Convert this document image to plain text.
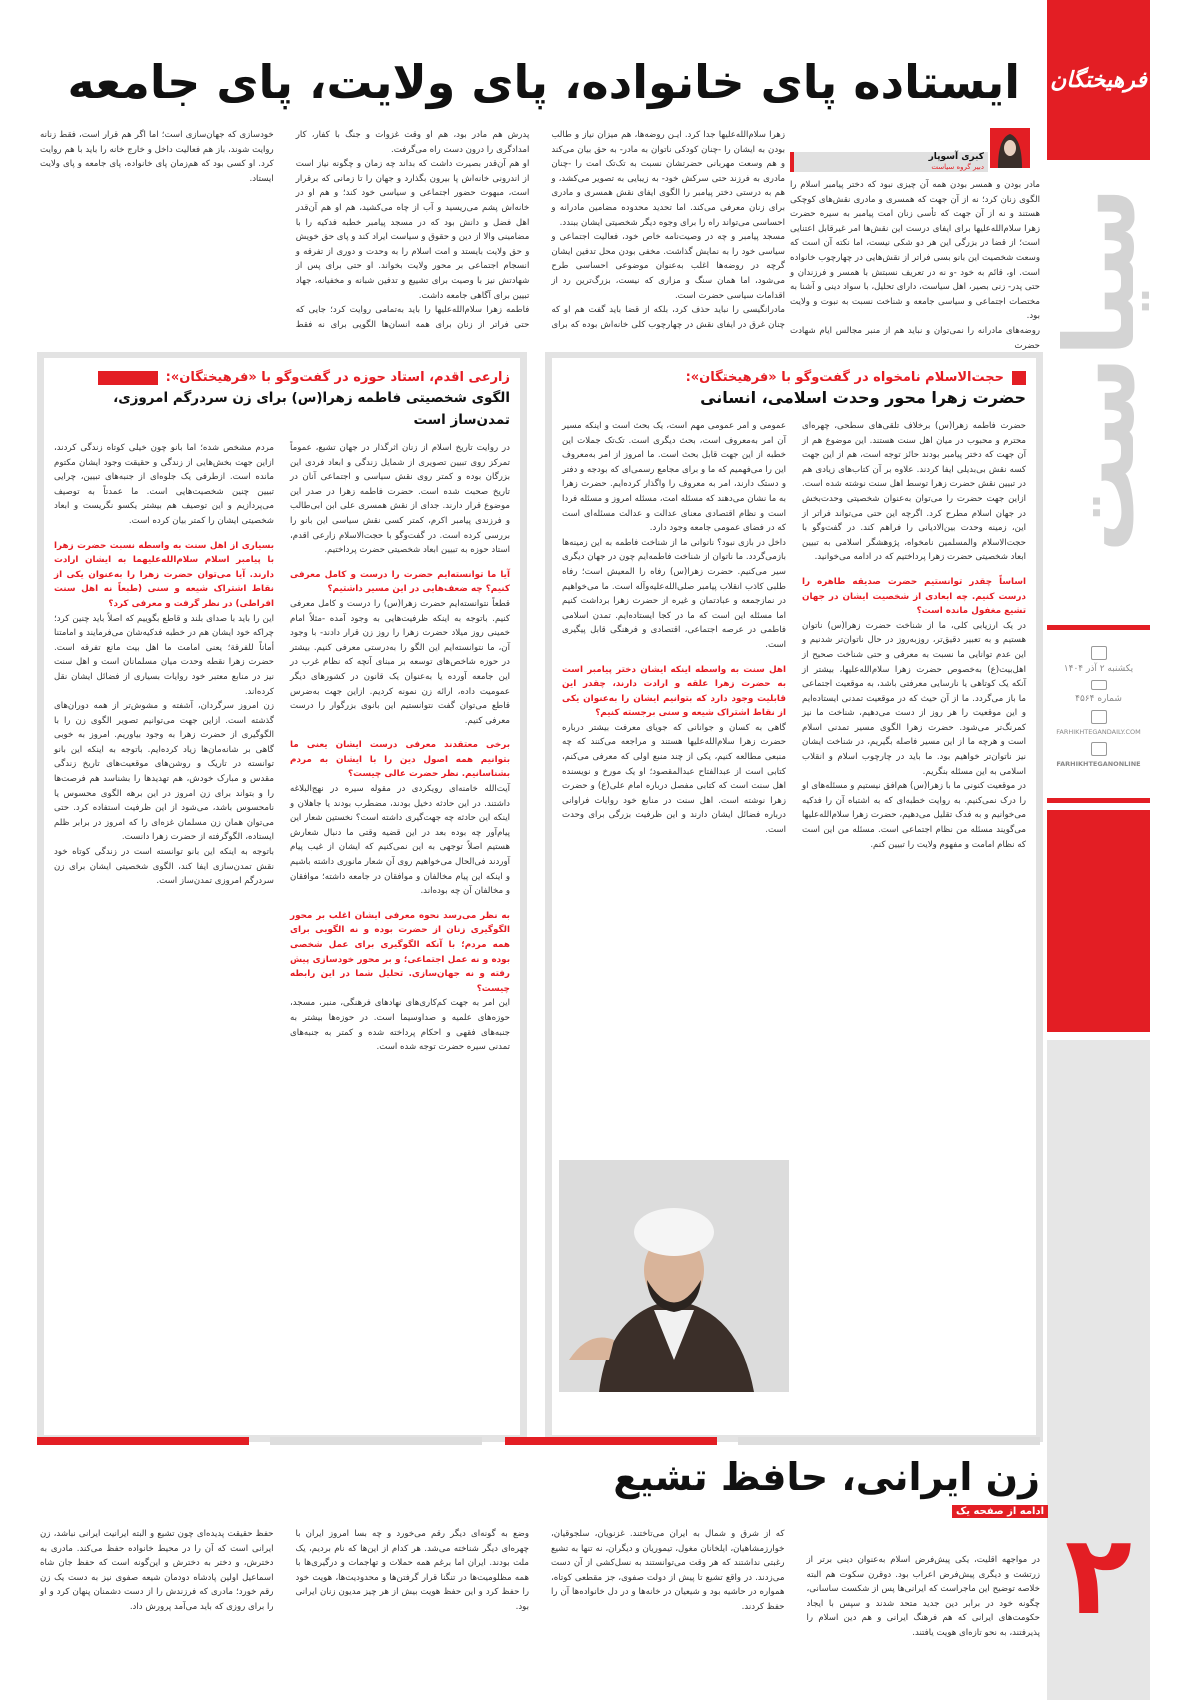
فرهیختگان
سیاست
یکشنبه ۲ آذر ۱۴۰۴
شماره ۴۵۶۴
FARHIKHTEGANDAILY.COM
FARHIKHTEGANONLINE
۲
ایستاده پای خانواده، پای ولایت، پای جامعه
کبری آسوپار
دبیر گروه سیاست

مادر بودن و همسر بودن همه آن چیزی نبود که دختر پیامبر اسلام را الگوی زنان کرد؛ نه از آن جهت که همسری و مادری نقش‌های کوچکی هستند و نه از آن جهت که تأسی زنان امت پیامبر به سیره حضرت زهرا سلام‌الله‌علیها برای ایفای درست این نقش‌ها امر غیرقابل اعتنایی است؛ از قضا در بزرگی این هر دو شکی نیست، اما نکته آن است که وسعت شخصیت این بانو بسی فراتر از نقش‌هایی در چهارچوب خانواده است. او، قائم به خود -و نه در تعریف نسبتش با همسر و فرزندان و حتی پدر- زنی بصیر، اهل سیاست، دارای تحلیل، با سواد دینی و آشنا به مختصات اجتماعی و سیاسی جامعه و شناخت نسبت به نبوت و ولایت بود.

روضه‌های مادرانه را نمی‌توان و نباید هم از منبر مجالس ایام شهادت حضرت

زهرا سلام‌الله‌علیها جدا کرد. ایـن روضه‌ها، هم میزان نیاز و طالب بودن به ایشان را -چنان کودکی ناتوان به مادر- به حق بیان می‌کند و هم وسعت مهربانی حضرتشان نسبت به تک‌تک امت را -چنان مادری به فرزند حتی سرکش خود- به زیبایی به تصویر می‌کشد، و هم به درستی دختر پیامبر را الگوی ایفای نقش همسری و مادری برای زنان معرفی می‌کند. اما تحدید محدوده مضامین مادرانه و احساسی می‌تواند راه را برای وجوه دیگر شخصیتی ایشان ببندد.

مسجد پیامبر و چه در وصیت‌نامه خاص خود، فعالیت اجتماعی و سیاسی خود را به نمایش گذاشت. مخفی بودن محل تدفین ایشان گرچه در روضه‌ها اغلب به‌عنوان موضوعی احساسی طرح می‌شود، اما همان سنگ و مزاری که نیست، بزرگ‌ترین رد از اقدامات سیاسی حضرت است.

مادرانگیسی را نباید حذف کرد، بلکه از قضا باید گفت هم او که چنان غرق در ایفای نقش در چهارچوب کلی خانه‌اش بوده که برای پدرش هم مادر بود، هم او وقت غزوات و جنگ با کفار، کار امدادگری را درون دست راه می‌گرفت.

او هم آن‌قدر بصیرت داشت که بداند چه زمان و چگونه نیاز است از اندرونی خانه‌اش پا بیرون بگذارد و جهان را تا زمانی که برقرار است، مبهوت حضور اجتماعی و سیاسی خود کند؛ و هم او در خانه‌اش پشم می‌ریسید و آب از چاه می‌کشید، هم او هم آن‌قدر اهل فضل و دانش بود که در مسجد پیامبر خطبه فدکیه را با مضامینی والا از دین و حقوق و سیاست ایراد کند و پای حق خویش و حق ولایت بایستد و امت اسلام را به وحدت و دوری از تفرقه و انسجام اجتماعی بر محور ولایت بخواند. او حتی برای پس از شهادتش نیز با وصیت برای تشییع و تدفین شبانه و مخفیانه، جهاد تبیین برای آگاهی جامعه داشت.

فاطمه زهرا سلام‌الله‌علیها را باید به‌تمامی روایت کرد؛ جایی که حتی فراتر از زنان برای همه انسان‌ها الگویی برای نه فقط خودسازی که جهان‌سازی است؛ اما اگر هم قرار است، فقط زنانه روایت شوند، باز هم فعالیت داخل و خارج خانه را باید با هم روایت کرد. او کسی بود که هم‌زمان پای خانواده، پای جامعه و پای ولایت ایستاد.

حجت‌الاسلام نامخواه در گفت‌وگو با «فرهیختگان»:
حضرت زهرا محور وحدت اسلامی، انسانی

حضرت فاطمه زهرا(س) برخلاف تلقی‌های سطحی، چهره‌ای محترم و محبوب در میان اهل سنت هستند. این موضوع هم از آن جهت که دختر پیامبر بودند حائز توجه است، هم از این جهت کسه نقش بی‌بدیلی ایفا کردند. علاوه بر آن کتاب‌های زیادی هم در تبیین نقش حضرت زهرا توسط اهل سنت نوشته شده است. ازاین جهت حضرت را می‌توان به‌عنوان شخصیتی وحدت‌بخش در جهان اسلام مطرح کرد. اگرچه این حتی می‌تواند فراتر از این، زمینه وحدت بین‌الادیانی را فراهم کند. در گفت‌وگو با حجت‌الاسلام والمسلمین نامخواه، پژوهشگر اسلامی به تبیین ابعاد شخصیتی حضرت زهرا پرداختیم که در ادامه می‌خوانید.

اساساً چقدر توانستیم حضرت صدیقه طاهره را درست کنیم. چه ابعادی از شخصیت ایشان در جهان تشیع مغفول مانده است؟

در یک ارزیابی کلی، ما از شناخت حضرت زهرا(س) ناتوان هستیم و به تعبیر دقیق‌تر، روزبه‌روز در حال ناتوان‌تر شدنیم و این عدم توانایی ما نسبت به معرفی و حتی شناخت صحیح از اهل‌بیت(ع) به‌خصوص حضرت زهرا سلام‌الله‌علیها، بیشتر از آنکه یک کوتاهی یا نارسایی معرفتی باشد، به موقعیت اجتماعی ما باز می‌گردد. ما از آن حیث که در موقعیت تمدنی ایستاده‌ایم و این موقعیت را هر روز از دست می‌دهیم، شناخت ما نیز کمرنگ‌تر می‌شود. حضرت زهرا الگوی مسیر تمدنی اسلام است و هرچه ما از این مسیر فاصله بگیریم، در شناخت ایشان نیز ناتوان‌تر خواهیم بود. ما باید در چارچوب اسلام و انقلاب اسلامی به این مسئله بنگریم.

در موقعیت کنونی ما با زهرا(س) هم‌افق نیستیم و مسئله‌های او را درک نمی‌کنیم. به روایت خطبه‌ای که به اشتباه آن را فدکیه می‌خوانیم و به فدک تقلیل می‌دهیم، حضرت زهرا سلام‌الله‌علیها می‌گویند مسئله من نظام اجتماعی است. مسئله من این است که نظام امامت و مفهوم ولایت را تبیین کنم.

عمومی و امر عمومی مهم است، یک بحث است و اینکه مسیر آن امر به‌معروف است، بحث دیگری است. تک‌تک جملات این خطبه از این جهت قابل بحث است. ما امروز از امر به‌معروف این را می‌فهمیم که ما و برای مجامع رسمی‌ای که بودجه و دفتر و دستک دارند، امر به معروف را واگذار کرده‌ایم. حضرت زهرا به ما نشان می‌دهند که مسئله امت، مسئله امروز و مسئله فردا است و نظام اقتصادی معنای عدالت و عدالت مسئله‌ای است که در فضای عمومی جامعه وجود دارد.

داخل در بازی نبود؟ نانوانی ما از شناخت فاطمه به این زمینه‌ها بازمی‌گردد. ما ناتوان از شناخت فاطمه‌ایم چون در جهان دیگری سیر می‌کنیم. حضرت زهرا(س) رفاه را المعیش است؛ رفاه طلبی کاذب انقلاب پیامبر صلی‌الله‌علیه‌وآله است. ما می‌خواهیم در نمازجمعه و عبادتمان و غیره از حضرت زهرا برداشت کنیم اما مسئله این است که ما در کجا ایستاده‌ایم. تمدن اسلامی فاطمی در عرصه اجتماعی، اقتصادی و فرهنگی قابل پیگیری است.

اهل سنت به واسطه اینکه ایشان دختر پیامبر است به حضرت زهرا علقه و ارادت دارند، چقدر این قابلیت وجود دارد که بتوانیم ایشان را به‌عنوان یکی از نقاط اشتراک شیعه و سنی برجسته کنیم؟

گاهی به کسان و جوانانی که جویای معرفت بیشتر درباره حضرت زهرا سلام‌الله‌علیها هستند و مراجعه می‌کنند که چه منبعی مطالعه کنیم، یکی از چند منبع اولی که معرفی می‌کنم، کتابی است از عبدالفتاح عبدالمقصود؛ او یک مورخ و نویسنده اهل سنت است که کتابی مفصل درباره امام علی(ع) و حضرت زهرا نوشته است. اهل سنت در منابع خود روایات فراوانی درباره فضائل ایشان دارند و این ظرفیت بزرگی برای وحدت است.

زارعی اقدم، استاد حوزه در گفت‌وگو با «فرهیختگان»:
الگوی شخصیتی فاطمه زهرا(س) برای زن سردرگم امروزی، تمدن‌ساز است

در روایت تاریخ اسلام از زنان اثرگذار در جهان تشیع، عموماً تمرکز روی تبیین تصویری از شمایل زندگی و ابعاد فردی این بزرگان بوده و کمتر روی نقش سیاسی و اجتماعی آنان در تاریخ صحبت شده است. حضرت فاطمه زهرا در صدر این موضوع قرار دارند. جدای از نقش همسری علی ابن ابی‌طالب و فرزندی پیامبر اکرم، کمتر کسی نقش سیاسی این بانو را بررسی کرده است. در گفت‌وگو با حجت‌الاسلام زارعی اقدم، استاد حوزه به تبیین ابعاد شخصیتی حضرت پرداختیم.

آیا ما توانسته‌ایم حضرت را درست و کامل معرفی کنیم؟ چه ضعف‌هایی در این مسیر داشتیم؟

قطعاً نتوانسته‌ایم حضرت زهرا(س) را درست و کامل معرفی کنیم. باتوجه به اینکه ظرفیت‌هایی به وجود آمده -مثلاً امام خمینی روز میلاد حضرت زهرا را روز زن قرار دادند- با وجود آن، ما نتوانسته‌ایم این الگو را به‌درستی معرفی کنیم. بیشتر در حوزه شاخص‌های توسعه بر مبنای آنچه که نظام غرب در این جامعه آورده یا به‌عنوان یک قانون در کشورهای دیگر عمومیت داده، ارائه زن نمونه کردیم. ازاین جهت به‌ضرس قاطع می‌توان گفت نتوانستیم این بانوی بزرگوار را درست معرفی کنیم.

برخی معتقدند معرفی درست ایشان یعنی ما بتوانیم همه اصول دین را با ایشان به مردم بشناسانیم. نظر حضرت عالی چیست؟

آیت‌الله خامنه‌ای رویکردی در مقوله سیره در نهج‌البلاغه داشتند. در این حادثه دخیل بودند، مضطرب بودند یا جاهلان و اینکه این حادثه چه جهت‌گیری داشته است؟ نخستین شعار این پیام‌آور چه بوده بعد در این قضیه وقتی ما دنبال شعارش هستیم اصلاً توجهی به این نمی‌کنیم که ایشان از غیب پیام آوردند فی‌الحال می‌خواهیم روی آن شعار مانوری داشته باشیم و اینکه این پیام مخالفان و موافقان در جامعه داشته؛ موافقان و مخالفان آن چه بوده‌اند.

به نظر می‌رسد نحوه معرفی ایشان اغلب بر محور الگوگیری زنان از حضرت بوده و نه الگویی برای همه مردم؛ با آنکه الگوگیری برای عمل شخصی بوده و نه عمل اجتماعی؛ و بر محور خودسازی پیش رفته و نه جهان‌سازی. تحلیل شما در این رابطه چیست؟

این امر به جهت کم‌کاری‌های نهادهای فرهنگی، منبر، مسجد، حوزه‌های علمیه و صداوسیما است. در حوزه‌ها بیشتر به جنبه‌های فقهی و احکام پرداخته شده و کمتر به جنبه‌های تمدنی سیره حضرت توجه شده است.

مردم مشخص شده؛ اما بانو چون خیلی کوتاه زندگی کردند، ازاین جهت بخش‌هایی از زندگی و حقیقت وجود ایشان مکتوم مانده است. ازطرفی یک جلوه‌ای از جنبه‌های تبیین، چرایی تبیین چنین شخصیت‌هایی است. ما عمدتاً به توصیف می‌پردازیم و این توصیف هم بیشتر یکسو نگریست و ابعاد شخصیتی ایشان را کمتر بیان کرده است.

بسیاری از اهل سنت به واسطه نسبت حضرت زهرا با پیامبر اسلام سلام‌الله‌علیهما به ایشان ارادت دارند. آیا می‌توان حضرت زهرا را به‌عنوان یکی از نقاط اشتراک شیعه و سنی (طبعاً نه اهل سنت افراطی) در نظر گرفت و معرفی کرد؟

این را باید با صدای بلند و قاطع بگوییم که اصلاً باید چنین کرد؛ چراکه خود ایشان هم در خطبه فدکیه‌شان می‌فرمایند و امامتنا أماناً للفرقة؛ یعنی امامت ما اهل بیت مانع تفرقه است. حضرت زهرا نقطه وحدت میان مسلمانان است و اهل سنت نیز در منابع معتبر خود روایات بسیاری از فضائل ایشان نقل کرده‌اند.

زن امروز سرگردان، آشفته و مشوش‌تر از همه دوران‌های گذشته است. ازاین جهت می‌توانیم تصویر الگوی زن را با الگوگیری از حضرت زهرا به وجود بیاوریم. امروز به خوبی گاهی بر شانه‌مان‌ها زیاد کرده‌ایم. باتوجه به اینکه این بانو توانسته در تاریک و روشن‌های موقعیت‌های تاریخ زندگی مقدس و مبارک خودش، هم تهدیدها را بشناسد هم فرصت‌ها را و بتواند برای زن امروز در این برهه الگوی محسوس یا نامحسوس باشد، می‌شود از این ظرفیت استفاده کرد. حتی می‌توان همان زن مسلمان غزه‌ای را که امروز در برابر ظلم ایستاده، الگوگرفته از حضرت زهرا دانست.

باتوجه به اینکه این بانو توانسته است در زندگی کوتاه خود نقش تمدن‌سازی ایفا کند، الگوی شخصیتی ایشان برای زن سردرگم امروزی تمدن‌ساز است.

زن ایرانی، حافظ تشیع
ادامه از صفحه یک
در مواجهه اقلیت، یکی پیش‌فرض اسلام به‌عنوان دینی برتر از زرتشت و دیگری پیش‌فرض اعراب بود. دوقرن سکوت هم البته خلاصه توضیح این ماجراست که ایرانی‌ها پس از شکست ساسانی، چگونه خود در برابر دین جدید متحد شدند و سپس با ایجاد حکومت‌های ایرانی که هم فرهنگ ایرانی و هم دین اسلام را پذیرفتند، به نحو تازه‌ای هویت یافتند.
که از شرق و شمال به ایران می‌تاختند. غزنویان، سلجوقیان، خوارزمشاهیان، ایلخانان مغول، تیموریان و دیگران، نه تنها به تشیع رغبتی نداشتند که هر وقت می‌توانستند به نسل‌کشی از آن دست می‌زدند. در واقع تشیع تا پیش از دولت صفوی، جز مقطعی کوتاه، همواره در حاشیه بود و شیعیان در خانه‌ها و در دل خانواده‌ها آن را حفظ کردند.
وضع به گونه‌ای دیگر رقم می‌خورد و چه بسا امروز ایران با چهره‌ای دیگر شناخته می‌شد. هر کدام از این‌ها که نام بردیم، یک ملت بودند. ایران اما برغم همه حملات و تهاجمات و درگیری‌ها با همه مظلومیت‌ها در تنگنا قرار گرفتن‌ها و محدودیت‌ها، هویت خود را حفظ کرد و این حفظ هویت بیش از هر چیز مدیون زنان ایرانی بود.
حفظ حقیقت پدیده‌ای چون تشیع و البته ایرانیت ایرانی نباشد، زن ایرانی است که آن را در محیط خانواده حفظ می‌کند. مادری به دخترش، و دختر به دخترش و این‌گونه است که حفظ جان شاه اسماعیل اولین پادشاه دودمان شیعه صفوی نیز به دست یک زن رقم خورد؛ مادری که فرزندش را از دست دشمنان پنهان کرد و او را برای روزی که باید می‌آمد پرورش داد.
